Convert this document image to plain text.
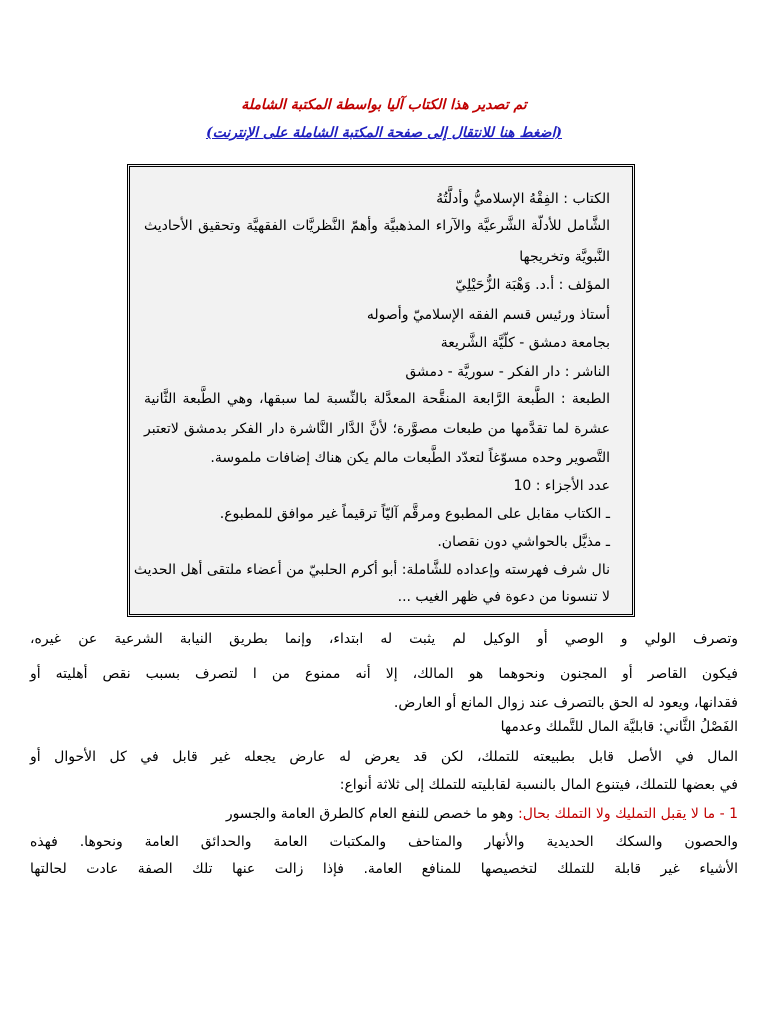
تم تصدير هذا الكتاب آليا بواسطة المكتبة الشاملة
(اضغط هنا للانتقال إلى صفحة المكتبة الشاملة على الإنترنت)
الكتاب : الفِقْهُ الإسلاميُّ وأدلَّتُهُ
الشَّامل للأدلّة الشَّرعيَّة والآراء المذهبيَّة وأهمّ النَّظريَّات الفقهيَّة وتحقيق الأحاديث
النَّبويَّة وتخريجها
المؤلف : أ.د. وَهْبَة الزُّحَيْلِيّ
أستاذ ورئيس قسم الفقه الإسلاميّ وأصوله
بجامعة دمشق - كلّيَّة الشَّريعة
الناشر : دار الفكر - سوريَّة - دمشق
الطبعة : الطَّبعة الرَّابعة المنقَّحة المعدَّلة بالنِّسبة لما سبقها، وهي الطَّبعة الثَّانية
عشرة لما تقدَّمها من طبعات مصوَّرة؛ لأنَّ الدَّار النَّاشرة دار الفكر بدمشق لاتعتبر
التَّصوير وحده مسوّغاً لتعدّد الطَّبعات مالم يكن هناك إضافات ملموسة.
عدد الأجزاء : 10
ـ الكتاب مقابل على المطبوع ومرقَّم آليّاً ترقيماً غير موافق للمطبوع.
ـ مذيَّل بالحواشي دون نقصان.
نال شرف فهرسته وإعداده للشَّاملة: أبو أكرم الحلبيّ من أعضاء ملتقى أهل الحديث
لا تنسونا من دعوة في ظهر الغيب ...
وتصرف الولي و الوصي أو الوكيل لم يثبت له ابتداء، وإنما بطريق النيابة الشرعية عن غيره،
فيكون القاصر أو المجنون ونحوهما هو المالك، إلا أنه ممنوع من ا لتصرف بسبب نقص أهليته أو
فقدانها، ويعود له الحق بالتصرف عند زوال المانع أو العارض.
الفَصْلُ الثَّاني: قابليَّة المال للتَّملك وعدمها
المال في الأصل قابل بطبيعته للتملك، لكن قد يعرض له عارض يجعله غير قابل في كل الأحوال أو
في بعضها للتملك، فيتنوع المال بالنسبة لقابليته للتملك إلى ثلاثة أنواع:
1 - ما لا يقبل التمليك ولا التملك بحال: وهو ما خصص للنفع العام كالطرق العامة والجسور
والحصون والسكك الحديدية والأنهار والمتاحف والمكتبات العامة والحدائق العامة ونحوها. فهذه
الأشياء غير قابلة للتملك لتخصيصها للمنافع العامة. فإذا زالت عنها تلك الصفة عادت لحالتها
